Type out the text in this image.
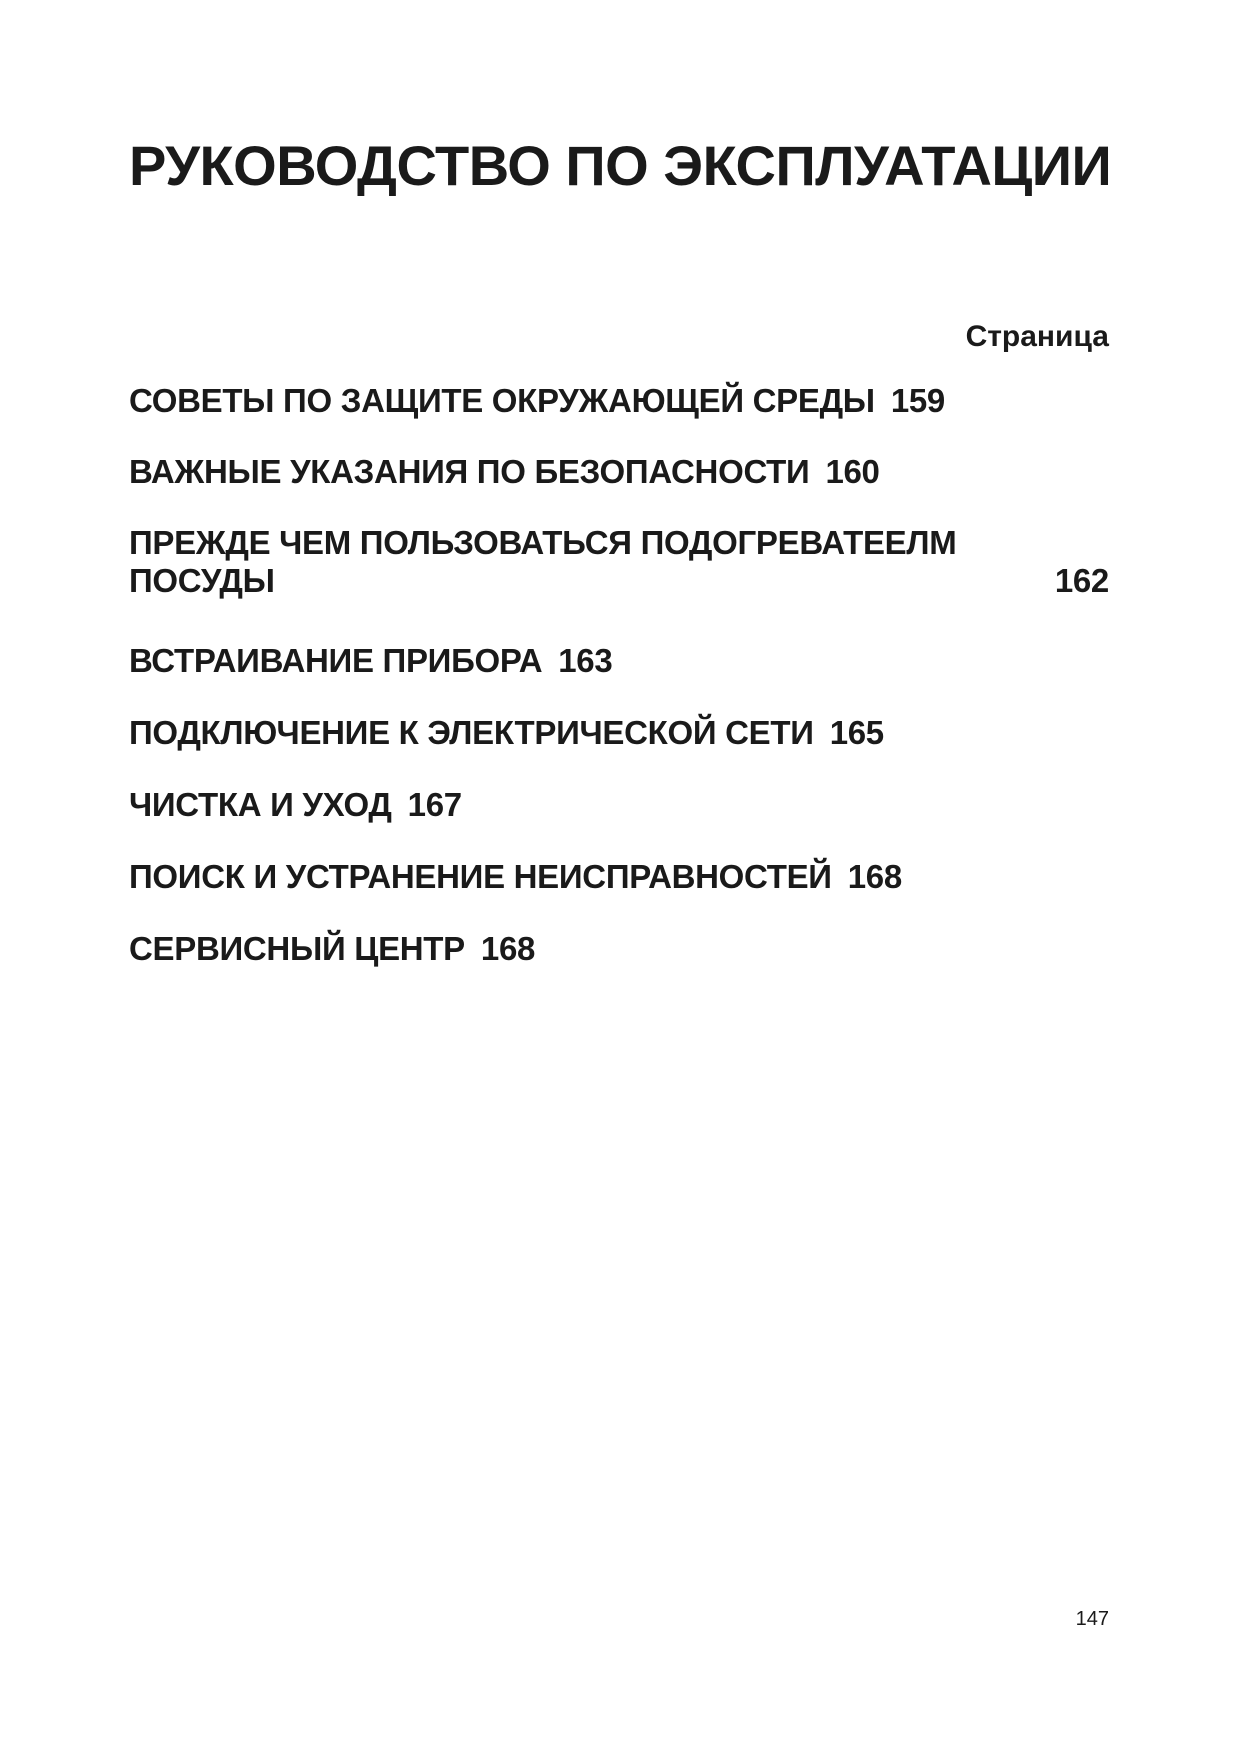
РУКОВОДСТВО ПО ЭКСПЛУАТАЦИИ
Страница
СОВЕТЫ ПО ЗАЩИТЕ ОКРУЖАЮЩЕЙ СРЕДЫ 159
ВАЖНЫЕ УКАЗАНИЯ ПО БЕЗОПАСНОСТИ 160
ПРЕЖДЕ ЧЕМ ПОЛЬЗОВАТЬСЯ ПОДОГРЕВАТЕЕЛМ
ПОСУДЫ	162
ВСТРАИВАНИЕ ПРИБОРА 163
ПОДКЛЮЧЕНИЕ К ЭЛЕКТРИЧЕСКОЙ СЕТИ 165
ЧИСТКА И УХОД 167
ПОИСК И УСТРАНЕНИЕ НЕИСПРАВНОСТЕЙ 168
СЕРВИСНЫЙ ЦЕНТР 168
147
